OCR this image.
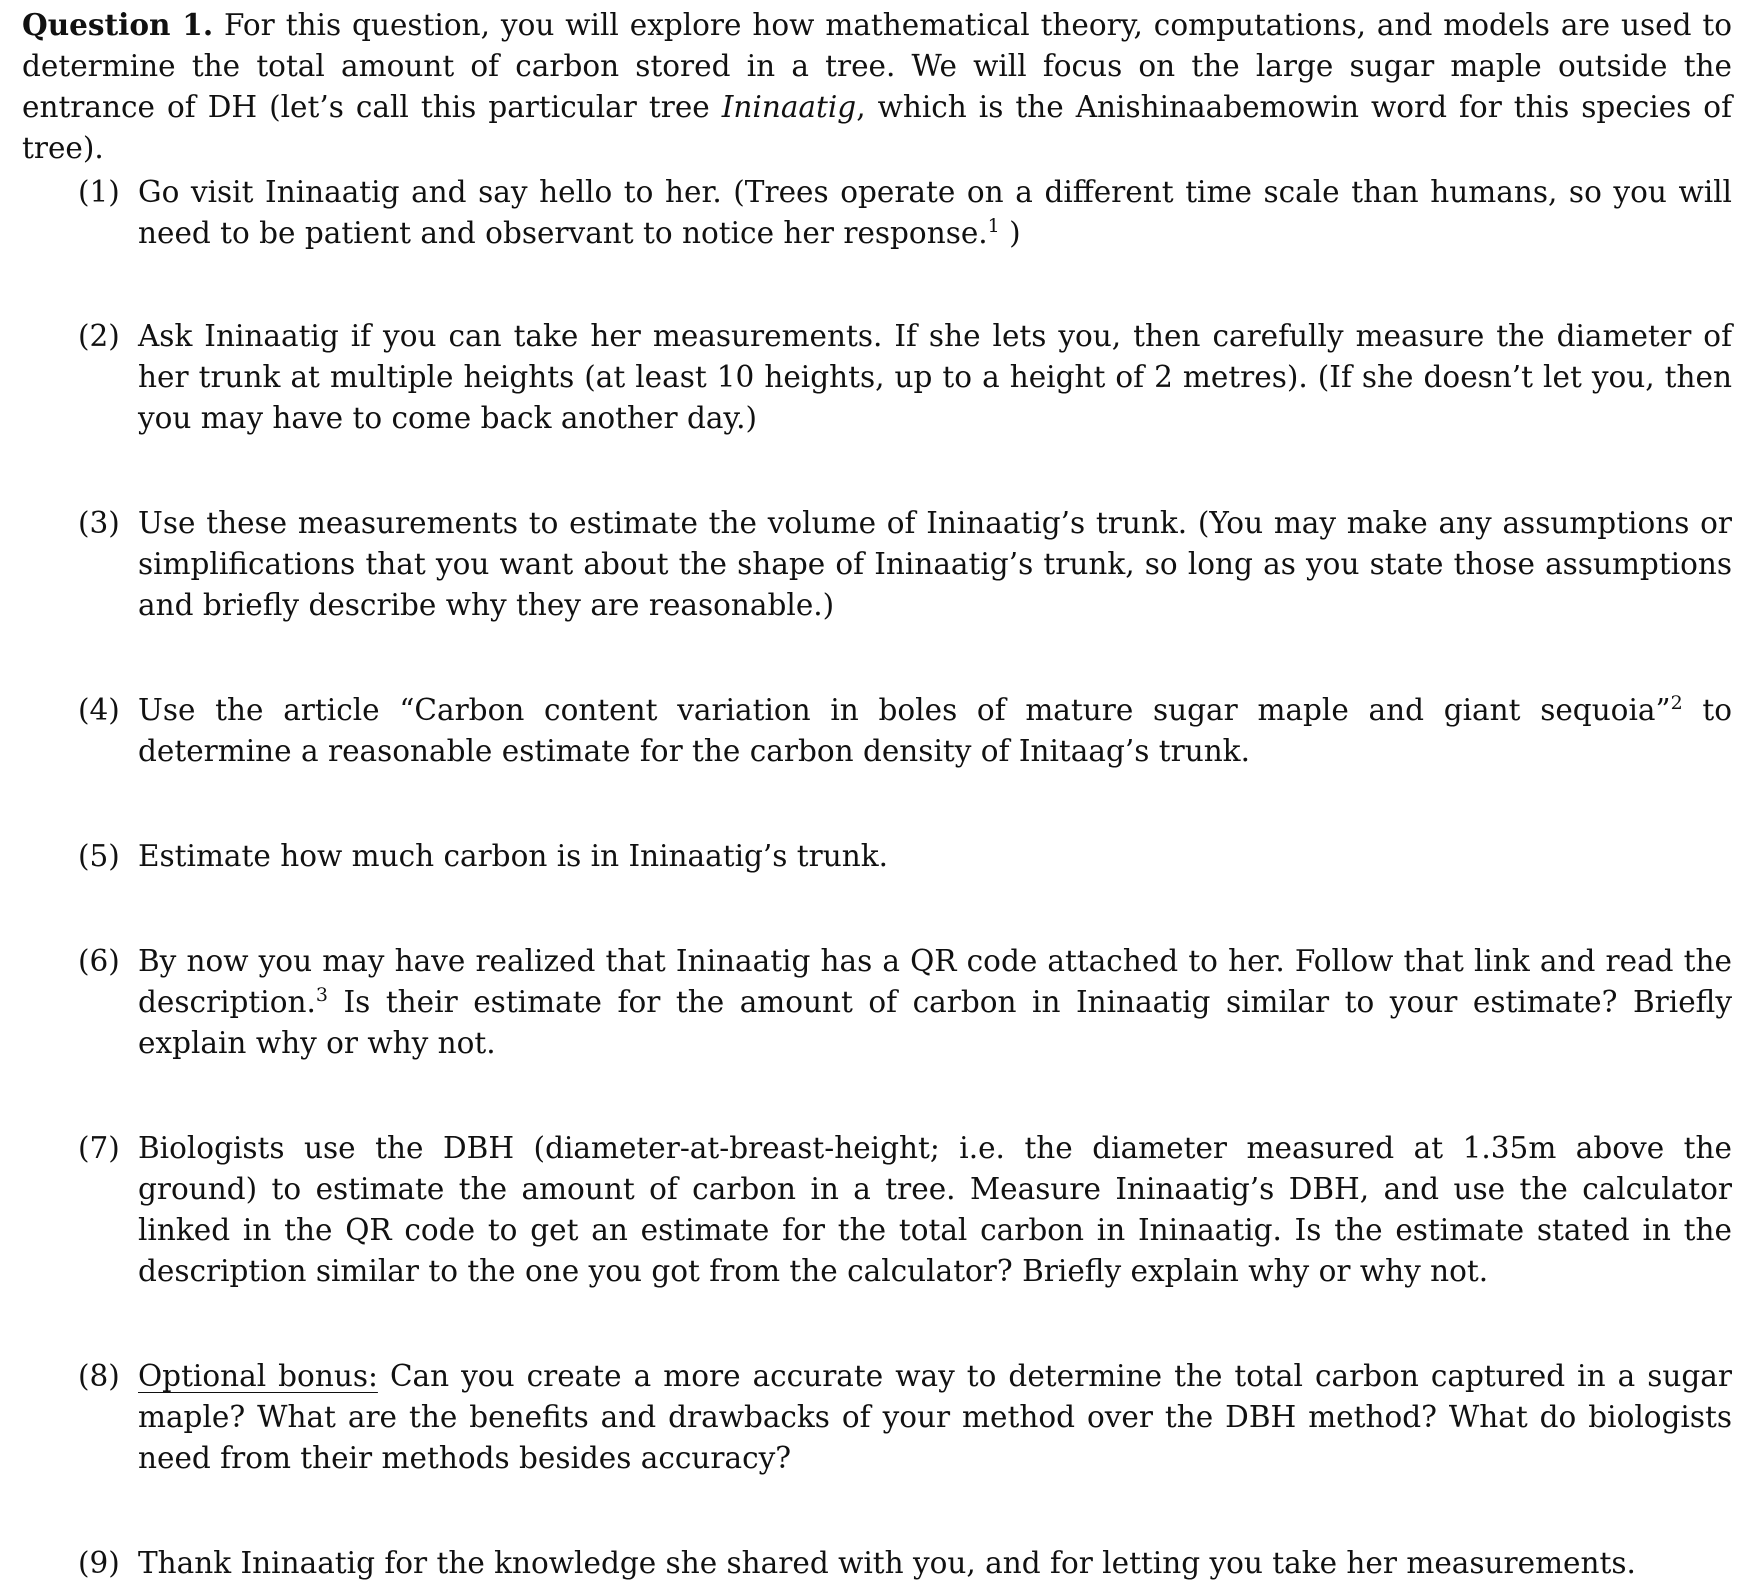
Question 1. For this question, you will explore how mathematical theory, computations, and models are used to determine the total amount of carbon stored in a tree. We will focus on the large sugar maple outside the entrance of DH (let’s call this particular tree Ininaatig, which is the Anishinaabemowin word for this species of tree).

(1) Go visit Ininaatig and say hello to her. (Trees operate on a different time scale than humans, so you will need to be patient and observant to notice her response.$^1$ )
(2) Ask Ininaatig if you can take her measurements. If she lets you, then carefully measure the diameter of her trunk at multiple heights (at least 10 heights, up to a height of 2 metres). (If she doesn’t let you, then you may have to come back another day.)
(3) Use these measurements to estimate the volume of Ininaatig’s trunk. (You may make any assumptions or simplifications that you want about the shape of Ininaatig’s trunk, so long as you state those assumptions and briefly describe why they are reasonable.)
(4) Use the article “Carbon content variation in boles of mature sugar maple and giant sequoia”$^2$ to determine a reasonable estimate for the carbon density of Initaag’s trunk.
(5) Estimate how much carbon is in Ininaatig’s trunk.
(6) By now you may have realized that Ininaatig has a QR code attached to her. Follow that link and read the description.$^3$ Is their estimate for the amount of carbon in Ininaatig similar to your estimate? Briefly explain why or why not.
(7) Biologists use the DBH (diameter-at-breast-height; i.e. the diameter measured at 1.35m above the ground) to estimate the amount of carbon in a tree. Measure Ininaatig’s DBH, and use the calculator linked in the QR code to get an estimate for the total carbon in Ininaatig. Is the estimate stated in the description similar to the one you got from the calculator? Briefly explain why or why not.
(8) Optional bonus: Can you create a more accurate way to determine the total carbon captured in a sugar maple? What are the benefits and drawbacks of your method over the DBH method? What do biologists need from their methods besides accuracy?
(9) Thank Ininaatig for the knowledge she shared with you, and for letting you take her measurements.
